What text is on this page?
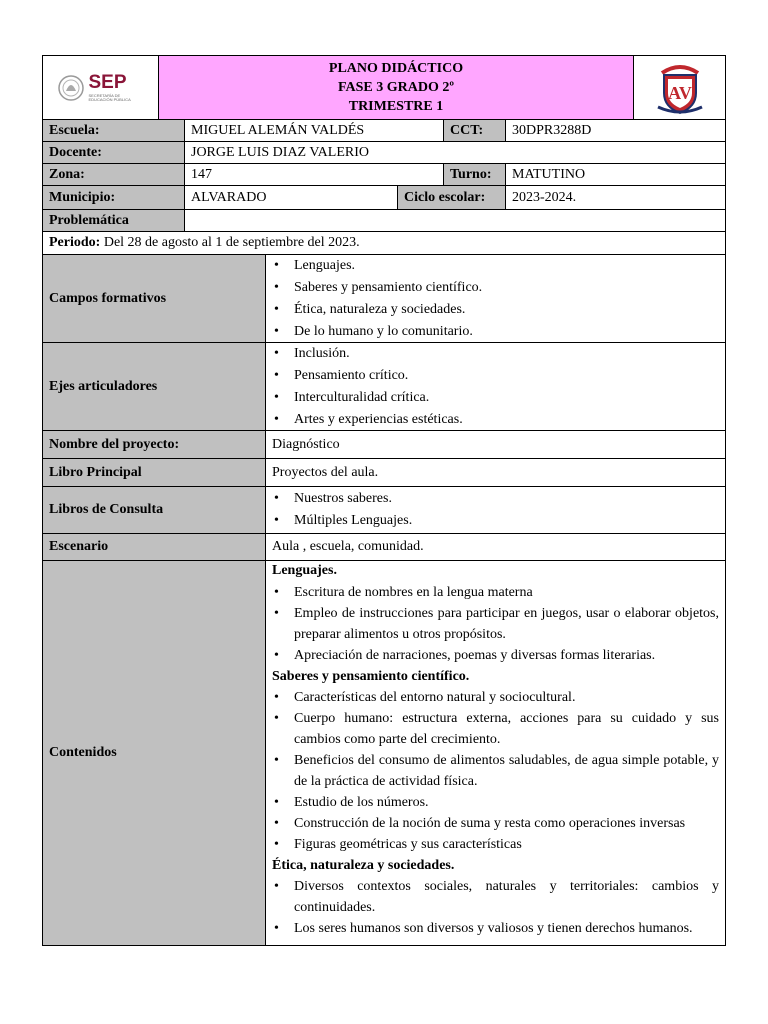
SEP
SECRETARÍA DE EDUCACIÓN PÚBLICA
PLANO DIDÁCTICO
FASE 3 GRADO 2º
TRIMESTRE 1
AV
Escuela:	MIGUEL ALEMÁN VALDÉS	CCT:	30DPR3288D
Docente:	JORGE LUIS DIAZ VALERIO
Zona:	147	Turno:	MATUTINO
Municipio:	ALVARADO	Ciclo escolar:	2023-2024.
Problemática
Periodo: Del 28 de agosto al 1 de septiembre del 2023.
Campos formativos
• Lenguajes.
• Saberes y pensamiento científico.
• Ética, naturaleza y sociedades.
• De lo humano y lo comunitario.
Ejes articuladores
• Inclusión.
• Pensamiento crítico.
• Interculturalidad crítica.
• Artes y experiencias estéticas.
Nombre del proyecto:	Diagnóstico
Libro Principal	Proyectos del aula.
Libros de Consulta
• Nuestros saberes.
• Múltiples Lenguajes.
Escenario	Aula , escuela, comunidad.
Contenidos
Lenguajes.
• Escritura de nombres en la lengua materna
• Empleo de instrucciones para participar en juegos, usar o elaborar objetos, preparar alimentos u otros propósitos.
• Apreciación de narraciones, poemas y diversas formas literarias.
Saberes y pensamiento científico.
• Características del entorno natural y sociocultural.
• Cuerpo humano: estructura externa, acciones para su cuidado y sus cambios como parte del crecimiento.
• Beneficios del consumo de alimentos saludables, de agua simple potable, y de la práctica de actividad física.
• Estudio de los números.
• Construcción de la noción de suma y resta como operaciones inversas
• Figuras geométricas y sus características
Ética, naturaleza y sociedades.
• Diversos contextos sociales, naturales y territoriales: cambios y continuidades.
• Los seres humanos son diversos y valiosos y tienen derechos humanos.
